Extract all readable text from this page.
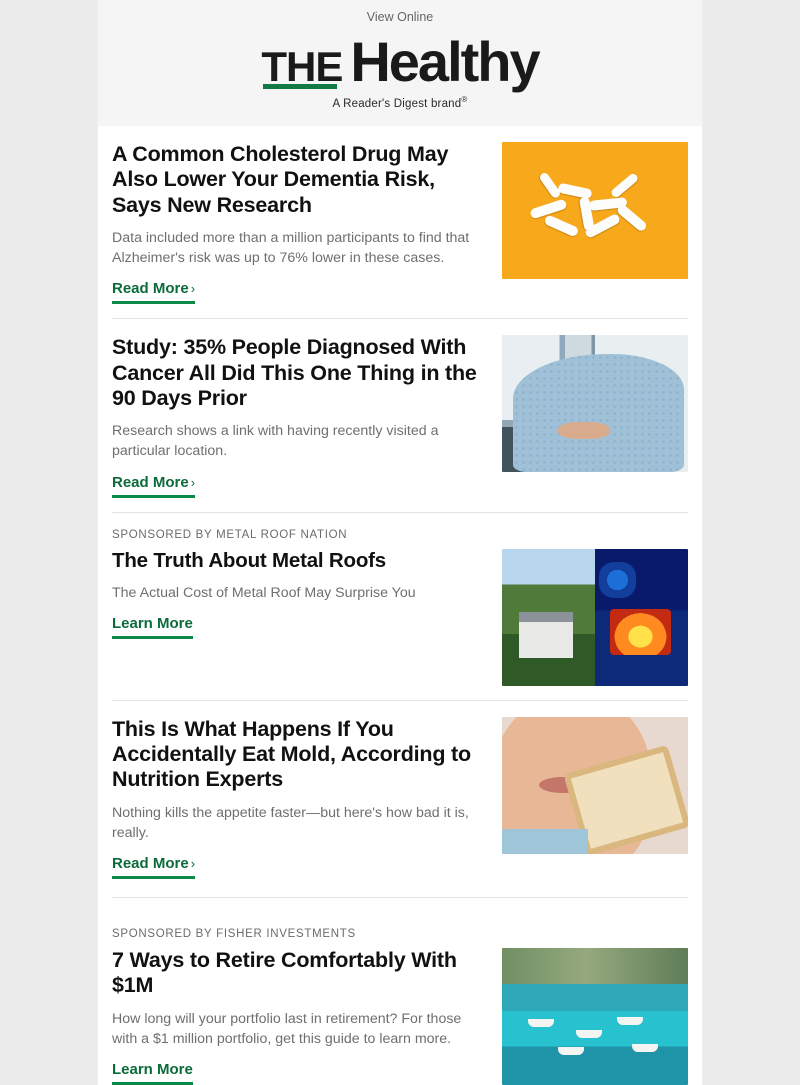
View Online
THE Healthy
A Reader's Digest brand®
A Common Cholesterol Drug May Also Lower Your Dementia Risk, Says New Research

Data included more than a million participants to find that Alzheimer's risk was up to 76% lower in these cases.

Read More ›
Study: 35% People Diagnosed With Cancer All Did This One Thing in the 90 Days Prior

Research shows a link with having recently visited a particular location.

Read More ›
SPONSORED BY METAL ROOF NATION
The Truth About Metal Roofs

The Actual Cost of Metal Roof May Surprise You

Learn More
This Is What Happens If You Accidentally Eat Mold, According to Nutrition Experts

Nothing kills the appetite faster—but here's how bad it is, really.

Read More ›
SPONSORED BY FISHER INVESTMENTS
7 Ways to Retire Comfortably With $1M

How long will your portfolio last in retirement? For those with a $1 million portfolio, get this guide to learn more.

Learn More
